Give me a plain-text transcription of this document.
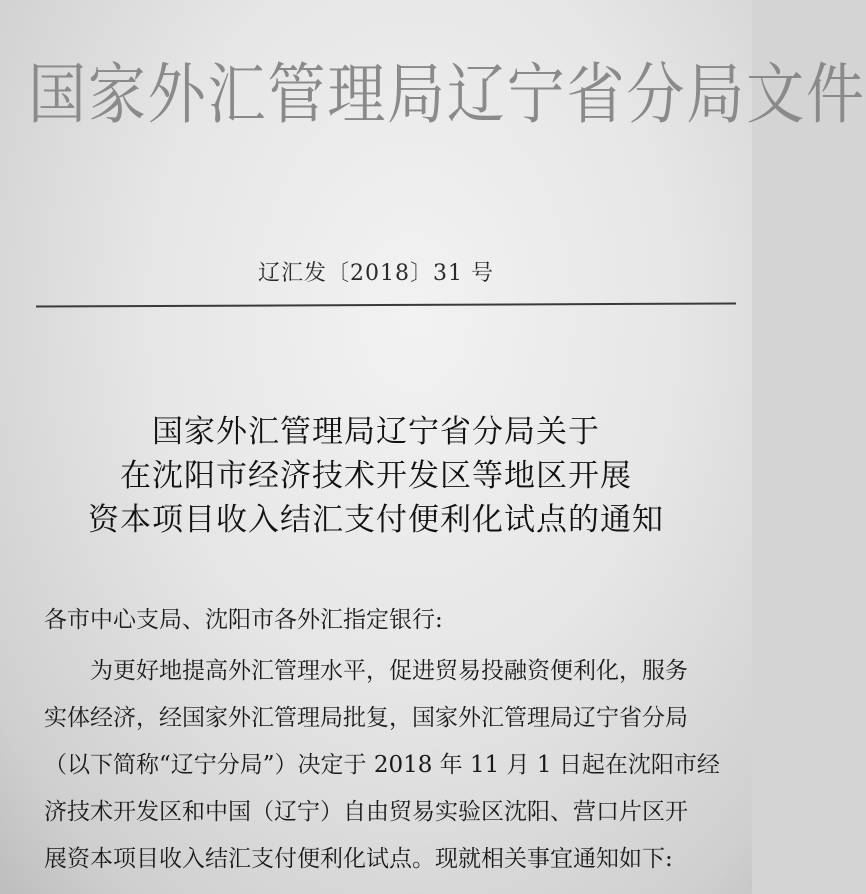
国家外汇管理局辽宁省分局文件
辽汇发〔2018〕31 号
国家外汇管理局辽宁省分局关于
在沈阳市经济技术开发区等地区开展
资本项目收入结汇支付便利化试点的通知
各市中心支局、沈阳市各外汇指定银行:
为更好地提高外汇管理水平，促进贸易投融资便利化，服务
实体经济，经国家外汇管理局批复，国家外汇管理局辽宁省分局
（以下简称“辽宁分局”）决定于 2018 年 11 月 1 日起在沈阳市经
济技术开发区和中国（辽宁）自由贸易实验区沈阳、营口片区开
展资本项目收入结汇支付便利化试点。现就相关事宜通知如下:
